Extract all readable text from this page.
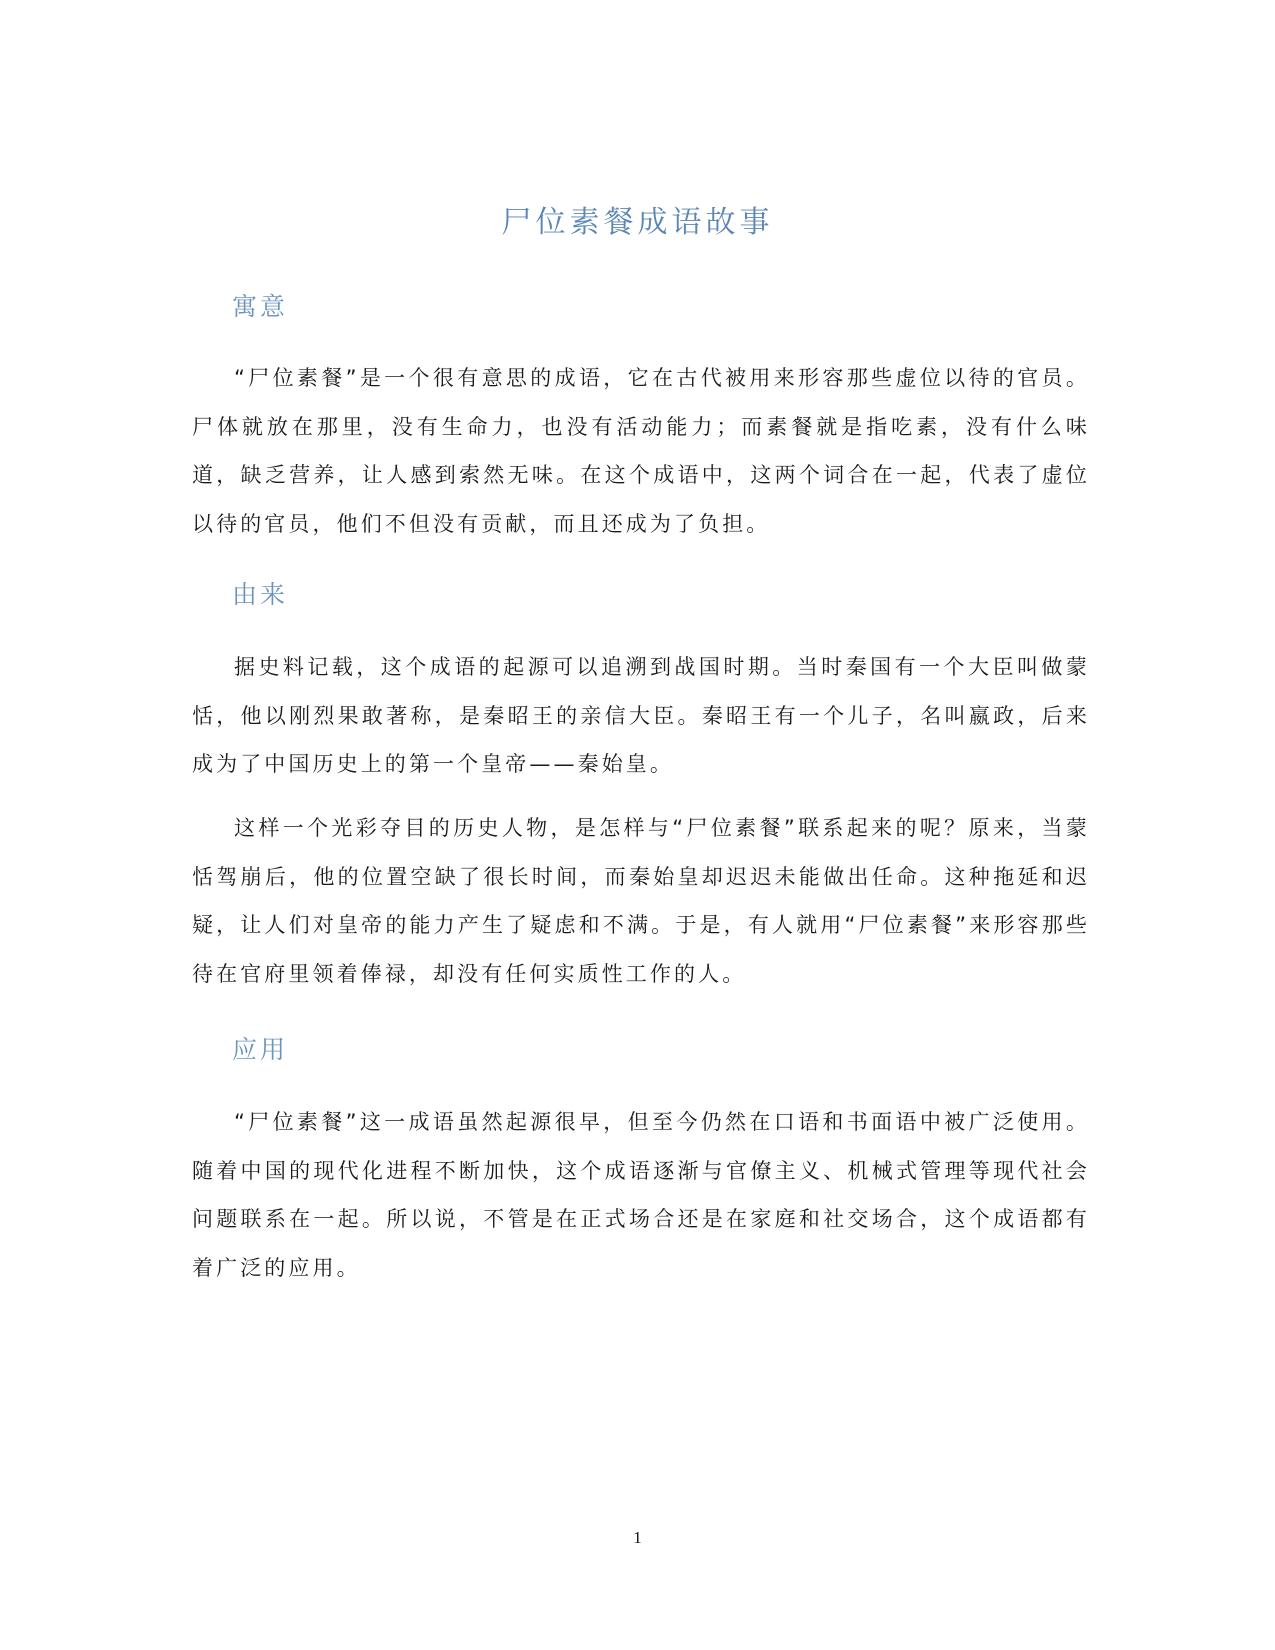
尸位素餐成语故事
寓意

“尸位素餐”是一个很有意思的成语，它在古代被用来形容那些虚位以待的官员。尸体就放在那里，没有生命力，也没有活动能力；而素餐就是指吃素，没有什么味道，缺乏营养，让人感到索然无味。在这个成语中，这两个词合在一起，代表了虚位以待的官员，他们不但没有贡献，而且还成为了负担。

由来

据史料记载，这个成语的起源可以追溯到战国时期。当时秦国有一个大臣叫做蒙恬，他以刚烈果敢著称，是秦昭王的亲信大臣。秦昭王有一个儿子，名叫嬴政，后来成为了中国历史上的第一个皇帝——秦始皇。

这样一个光彩夺目的历史人物，是怎样与“尸位素餐”联系起来的呢？原来，当蒙恬驾崩后，他的位置空缺了很长时间，而秦始皇却迟迟未能做出任命。这种拖延和迟疑，让人们对皇帝的能力产生了疑虑和不满。于是，有人就用“尸位素餐”来形容那些待在官府里领着俸禄，却没有任何实质性工作的人。

应用

“尸位素餐”这一成语虽然起源很早，但至今仍然在口语和书面语中被广泛使用。随着中国的现代化进程不断加快，这个成语逐渐与官僚主义、机械式管理等现代社会问题联系在一起。所以说，不管是在正式场合还是在家庭和社交场合，这个成语都有着广泛的应用。

1
